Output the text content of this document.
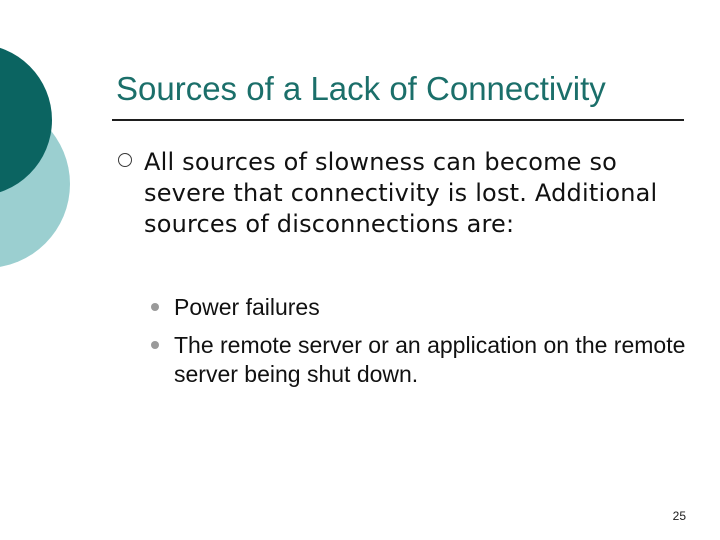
Sources of a Lack of Connectivity
All sources of slowness can become so severe that connectivity is lost. Additional sources of disconnections are:
Power failures
The remote server or an application on the remote server being shut down.
25
